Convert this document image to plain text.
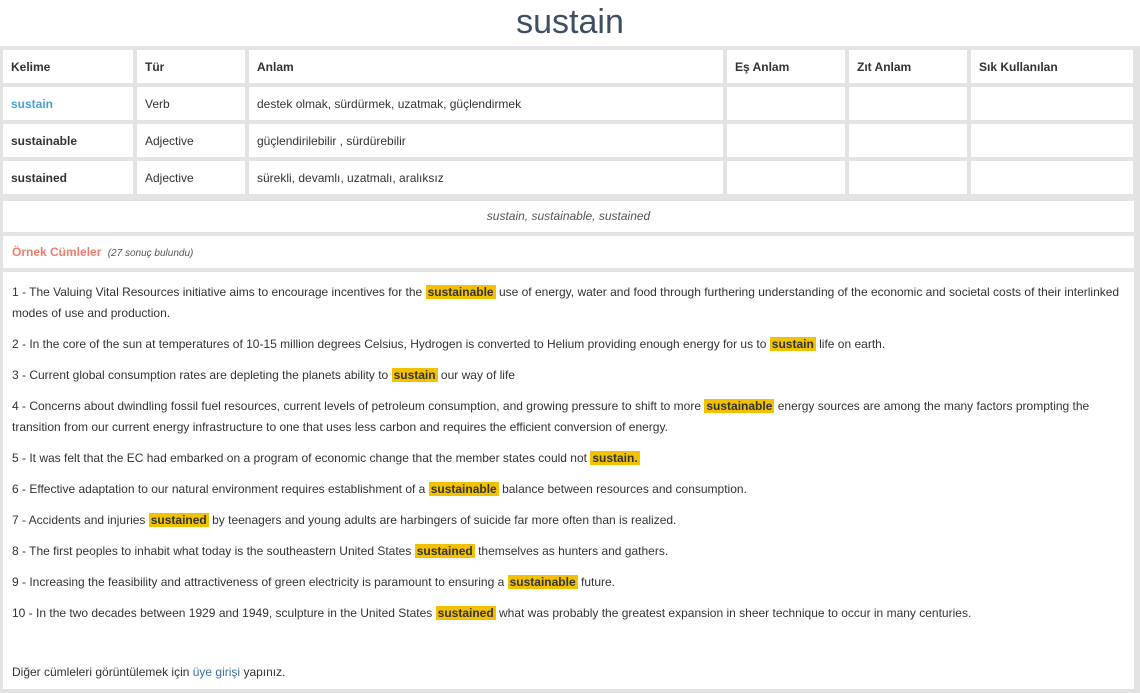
sustain
Kelime	Tür	Anlam	Eş Anlam	Zıt Anlam	Sık Kullanılan
sustain	Verb	destek olmak, sürdürmek, uzatmak, güçlendirmek			
sustainable	Adjective	güçlendirilebilir , sürdürebilir			
sustained	Adjective	sürekli, devamlı, uzatmalı, aralıksız			
sustain, sustainable, sustained
Örnek Cümleler (27 sonuç bulundu)
1 - The Valuing Vital Resources initiative aims to encourage incentives for the sustainable use of energy, water and food through furthering understanding of the economic and societal costs of their interlinked modes of use and production.
2 - In the core of the sun at temperatures of 10-15 million degrees Celsius, Hydrogen is converted to Helium providing enough energy for us to sustain life on earth.
3 - Current global consumption rates are depleting the planets ability to sustain our way of life
4 - Concerns about dwindling fossil fuel resources, current levels of petroleum consumption, and growing pressure to shift to more sustainable energy sources are among the many factors prompting the transition from our current energy infrastructure to one that uses less carbon and requires the efficient conversion of energy.
5 - It was felt that the EC had embarked on a program of economic change that the member states could not sustain.
6 - Effective adaptation to our natural environment requires establishment of a sustainable balance between resources and consumption.
7 - Accidents and injuries sustained by teenagers and young adults are harbingers of suicide far more often than is realized.
8 - The first peoples to inhabit what today is the southeastern United States sustained themselves as hunters and gathers.
9 - Increasing the feasibility and attractiveness of green electricity is paramount to ensuring a sustainable future.
10 - In the two decades between 1929 and 1949, sculpture in the United States sustained what was probably the greatest expansion in sheer technique to occur in many centuries.
Diğer cümleleri görüntülemek için üye girişi yapınız.
